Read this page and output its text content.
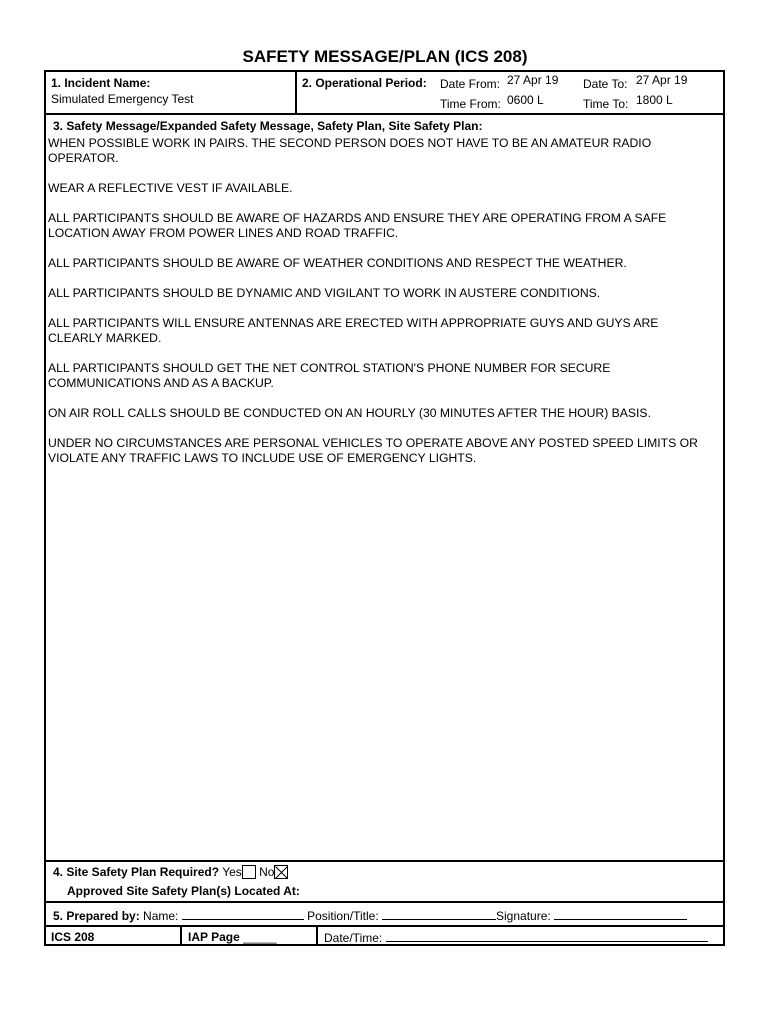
SAFETY MESSAGE/PLAN (ICS 208)
1. Incident Name:
Simulated Emergency Test
2. Operational Period: Date From: 27 Apr 19 Date To: 27 Apr 19
Time From: 0600 L	Time To: 1800 L
3. Safety Message/Expanded Safety Message, Safety Plan, Site Safety Plan:

WHEN POSSIBLE WORK IN PAIRS. THE SECOND PERSON DOES NOT HAVE TO BE AN AMATEUR RADIO OPERATOR.

WEAR A REFLECTIVE VEST IF AVAILABLE.

ALL PARTICIPANTS SHOULD BE AWARE OF HAZARDS AND ENSURE THEY ARE OPERATING FROM A SAFE LOCATION AWAY FROM POWER LINES AND ROAD TRAFFIC.

ALL PARTICIPANTS SHOULD BE AWARE OF WEATHER CONDITIONS AND RESPECT THE WEATHER.

ALL PARTICIPANTS SHOULD BE DYNAMIC AND VIGILANT TO WORK IN AUSTERE CONDITIONS.

ALL PARTICIPANTS WILL ENSURE ANTENNAS ARE ERECTED WITH APPROPRIATE GUYS AND GUYS ARE CLEARLY MARKED.

ALL PARTICIPANTS SHOULD GET THE NET CONTROL STATION'S PHONE NUMBER FOR SECURE COMMUNICATIONS AND AS A BACKUP.

ON AIR ROLL CALLS SHOULD BE CONDUCTED ON AN HOURLY (30 MINUTES AFTER THE HOUR) BASIS.

UNDER NO CIRCUMSTANCES ARE PERSONAL VEHICLES TO OPERATE ABOVE ANY POSTED SPEED LIMITS OR VIOLATE ANY TRAFFIC LAWS TO INCLUDE USE OF EMERGENCY LIGHTS.

4. Site Safety Plan Required? Yes No
Approved Site Safety Plan(s) Located At:
5. Prepared by: Name:	Position/Title:	Signature:
ICS 208	IAP Page _____	Date/Time:
